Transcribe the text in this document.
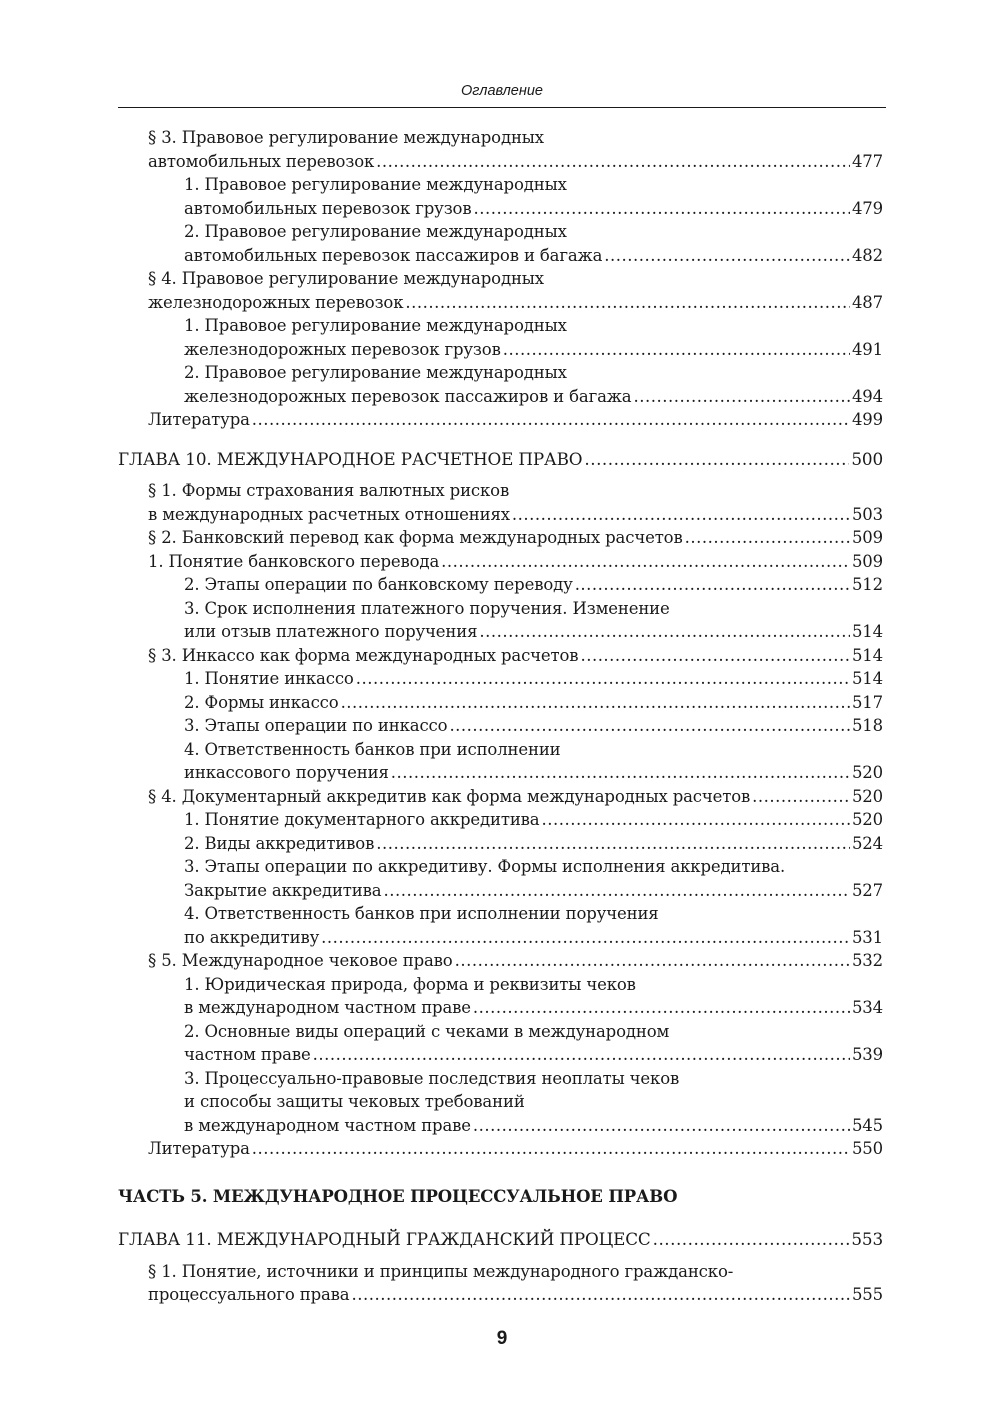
Оглавление
§ 3. Правовое регулирование международных
автомобильных перевозок .....	477
1. Правовое регулирование международных
автомобильных перевозок грузов .....	479
2. Правовое регулирование международных
автомобильных перевозок пассажиров и багажа .....	482
§ 4. Правовое регулирование международных
железнодорожных перевозок .....	487
1. Правовое регулирование международных
железнодорожных перевозок грузов .....	491
2. Правовое регулирование международных
железнодорожных перевозок пассажиров и багажа .....	494
Литература .....	499
ГЛАВА 10. МЕЖДУНАРОДНОЕ РАСЧЕТНОЕ ПРАВО .....	500
§ 1. Формы страхования валютных рисков
в международных расчетных отношениях .....	503
§ 2. Банковский перевод как форма международных расчетов .....	509
1. Понятие банковского перевода .....	509
2. Этапы операции по банковскому переводу .....	512
3. Срок исполнения платежного поручения. Изменение
или отзыв платежного поручения .....	514
§ 3. Инкассо как форма международных расчетов .....	514
1. Понятие инкассо .....	514
2. Формы инкассо .....	517
3. Этапы операции по инкассо .....	518
4. Ответственность банков при исполнении
инкассового поручения .....	520
§ 4. Документарный аккредитив как форма международных расчетов .....	520
1. Понятие документарного аккредитива .....	520
2. Виды аккредитивов .....	524
3. Этапы операции по аккредитиву. Формы исполнения аккредитива.
Закрытие аккредитива .....	527
4. Ответственность банков при исполнении поручения
по аккредитиву .....	531
§ 5. Международное чековое право .....	532
1. Юридическая природа, форма и реквизиты чеков
в международном частном праве .....	534
2. Основные виды операций с чеками в международном
частном праве .....	539
3. Процессуально-правовые последствия неоплаты чеков
и способы защиты чековых требований
в международном частном праве .....	545
Литература .....	550
ЧАСТЬ 5. МЕЖДУНАРОДНОЕ ПРОЦЕССУАЛЬНОЕ ПРАВО
ГЛАВА 11. МЕЖДУНАРОДНЫЙ ГРАЖДАНСКИЙ ПРОЦЕСС .....	553
§ 1. Понятие, источники и принципы международного гражданско-
процессуального права .....	555
9
